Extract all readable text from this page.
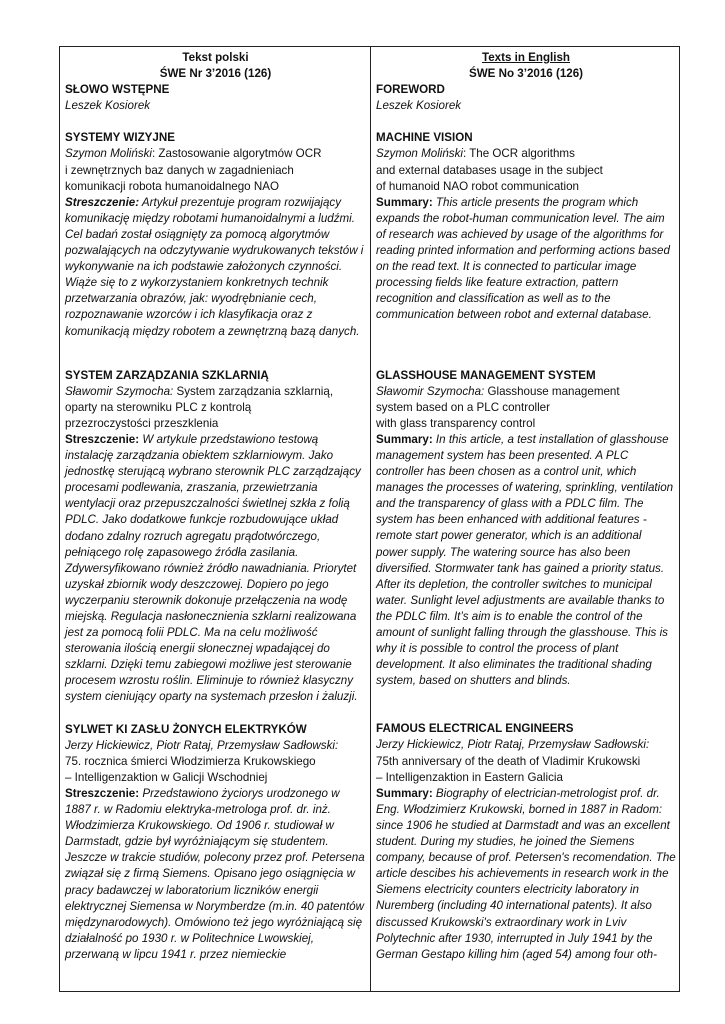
Tekst polski
ŚWE Nr 3’2016 (126)
SŁOWO WSTĘPNE
Leszek Kosiorek
SYSTEMY WIZYJNE
Szymon Moliński: Zastosowanie algorytmów OCR
i zewnętrznych baz danych w zagadnieniach
komunikacji robota humanoidalnego NAO

Streszczenie: Artykuł prezentuje program rozwijający komunikację między robotami humanoidalnymi a ludźmi. Cel badań został osiągnięty za pomocą algorytmów pozwalających na odczytywanie wydrukowanych tekstów i wykonywanie na ich podstawie założonych czynności. Wiąże się to z wykorzystaniem konkretnych technik przetwarzania obrazów, jak: wyodrębnianie cech, rozpoznawanie wzorców i ich klasyfikacja oraz z komunikacją między robotem a zewnętrzną bazą danych.

SYSTEM ZARZĄDZANIA SZKLARNIĄ
Sławomir Szymocha: System zarządzania szklarnią,
oparty na sterowniku PLC z kontrolą
przezroczystości przeszklenia

Streszczenie: W artykule przedstawiono testową instalację zarządzania obiektem szklarniowym. Jako jednostkę sterującą wybrano sterownik PLC zarządzający procesami podlewania, zraszania, przewietrzania wentylacji oraz przepuszczalności świetlnej szkła z folią PDLC. Jako dodatkowe funkcje rozbudowujące układ dodano zdalny rozruch agregatu prądotwórczego, pełniącego rolę zapasowego źródła zasilania. Zdywersyfikowano również źródło nawadniania. Priorytet uzyskał zbiornik wody deszczowej. Dopiero po jego wyczerpaniu sterownik dokonuje przełączenia na wodę miejską. Regulacja nasłonecznienia szklarni realizowana jest za pomocą folii PDLC. Ma na celu możliwość sterowania ilością energii słonecznej wpadającej do szklarni. Dzięki temu zabiegowi możliwe jest sterowanie procesem wzrostu roślin. Eliminuje to również klasyczny system cieniujący oparty na systemach przesłon i żaluzji.

SYLWET KI ZASŁU ŻONYCH ELEKTRYKÓW
Jerzy Hickiewicz, Piotr Rataj, Przemysław Sadłowski:
75. rocznica śmierci Włodzimierza Krukowskiego
– Intelligenzaktion w Galicji Wschodniej

Streszczenie: Przedstawiono życiorys urodzonego w 1887 r. w Radomiu elektryka-metrologa prof. dr. inż. Włodzimierza Krukowskiego. Od 1906 r. studiował w Darmstadt, gdzie był wyróżniającym się studentem. Jeszcze w trakcie studiów, polecony przez prof. Petersena związał się z firmą Siemens. Opisano jego osiągnięcia w pracy badawczej w laboratorium liczników energii elektrycznej Siemensa w Norymberdze (m.in. 40 patentów międzynarodowych). Omówiono też jego wyróżniającą się działalność po 1930 r. w Politechnice Lwowskiej, przerwaną w lipcu 1941 r. przez niemieckie

Texts in English
ŚWE No 3’2016 (126)
FOREWORD
Leszek Kosiorek
MACHINE VISION
Szymon Moliński: The OCR algorithms
and external databases usage in the subject
of humanoid NAO robot communication

Summary: This article presents the program which expands the robot-human communication level. The aim of research was achieved by usage of the algorithms for reading printed information and performing actions based on the read text. It is connected to particular image processing fields like feature extraction, pattern recognition and classification as well as to the communication between robot and external database.

GLASSHOUSE MANAGEMENT SYSTEM
Sławomir Szymocha: Glasshouse management
system based on a PLC controller
with glass transparency control

Summary: In this article, a test installation of glasshouse management system has been presented. A PLC controller has been chosen as a control unit, which manages the processes of watering, sprinkling, ventilation and the transparency of glass with a PDLC film. The system has been enhanced with additional features - remote start power generator, which is an additional power supply. The watering source has also been diversified. Stormwater tank has gained a priority status. After its depletion, the controller switches to municipal water. Sunlight level adjustments are available thanks to the PDLC film. It’s aim is to enable the control of the amount of sunlight falling through the glasshouse. This is why it is possible to control the process of plant development. It also eliminates the traditional shading system, based on shutters and blinds.

FAMOUS ELECTRICAL ENGINEERS
Jerzy Hickiewicz, Piotr Rataj, Przemysław Sadłowski:
75th anniversary of the death of Vladimir Krukowski
– Intelligenzaktion in Eastern Galicia

Summary: Biography of electrician-metrologist prof. dr. Eng. Włodzimierz Krukowski, borned in 1887 in Radom: since 1906 he studied at Darmstadt and was an excellent student. During my studies, he joined the Siemens company, because of prof. Petersen's recomendation. The article descibes his achievements in research work in the Siemens electricity counters electricity laboratory in Nuremberg (including 40 international patents). It also discussed Krukowski's extraordinary work in Lviv Polytechnic after 1930, interrupted in July 1941 by the German Gestapo killing him (aged 54) among four oth-
